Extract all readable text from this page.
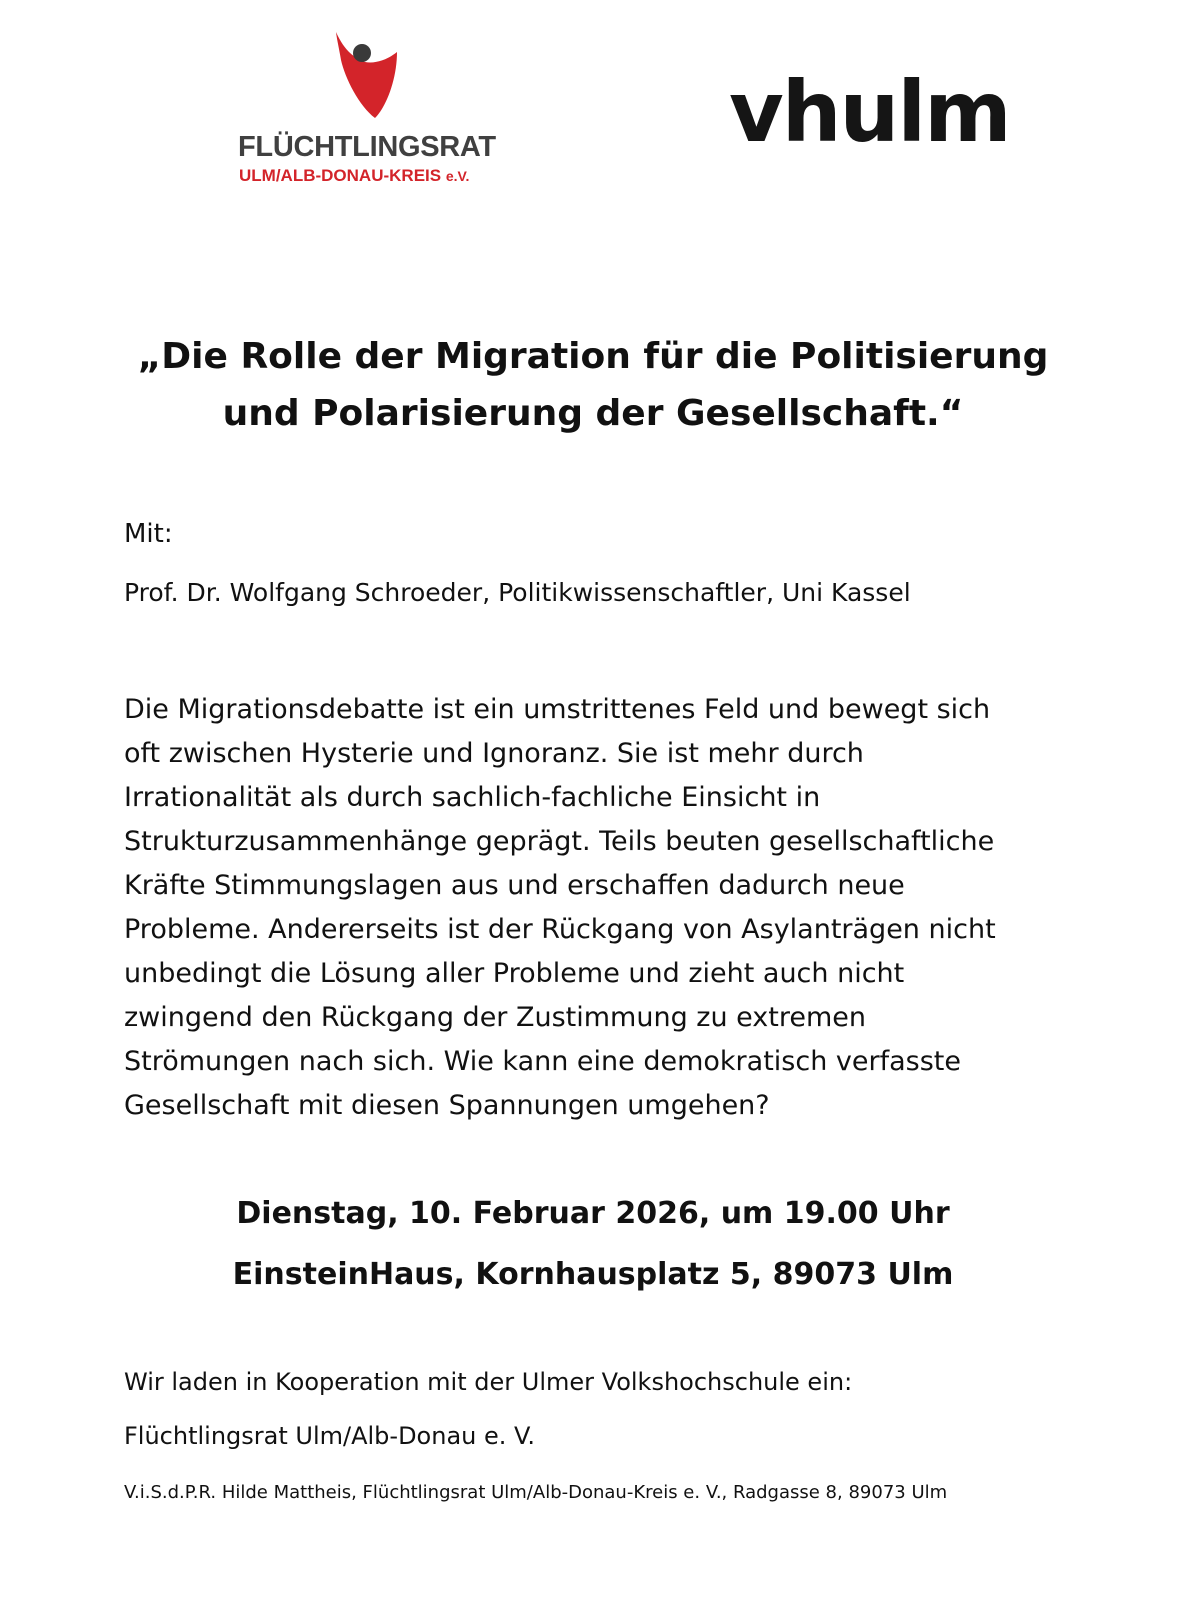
FLÜCHTLINGSRAT
ULM/ALB-DONAU-KREIS e.V.
vhulm
„Die Rolle der Migration für die Politisierung
und Polarisierung der Gesellschaft.“

Mit:

Prof. Dr. Wolfgang Schroeder, Politikwissenschaftler, Uni Kassel

Die Migrationsdebatte ist ein umstrittenes Feld und bewegt sich
oft zwischen Hysterie und Ignoranz. Sie ist mehr durch
Irrationalität als durch sachlich-fachliche Einsicht in
Strukturzusammenhänge geprägt. Teils beuten gesellschaftliche
Kräfte Stimmungslagen aus und erschaffen dadurch neue
Probleme. Andererseits ist der Rückgang von Asylanträgen nicht
unbedingt die Lösung aller Probleme und zieht auch nicht
zwingend den Rückgang der Zustimmung zu extremen
Strömungen nach sich. Wie kann eine demokratisch verfasste
Gesellschaft mit diesen Spannungen umgehen?

Dienstag, 10. Februar 2026, um 19.00 Uhr

EinsteinHaus, Kornhausplatz 5, 89073 Ulm

Wir laden in Kooperation mit der Ulmer Volkshochschule ein:

Flüchtlingsrat Ulm/Alb-Donau e. V.

V.i.S.d.P.R. Hilde Mattheis, Flüchtlingsrat Ulm/Alb-Donau-Kreis e. V., Radgasse 8, 89073 Ulm
